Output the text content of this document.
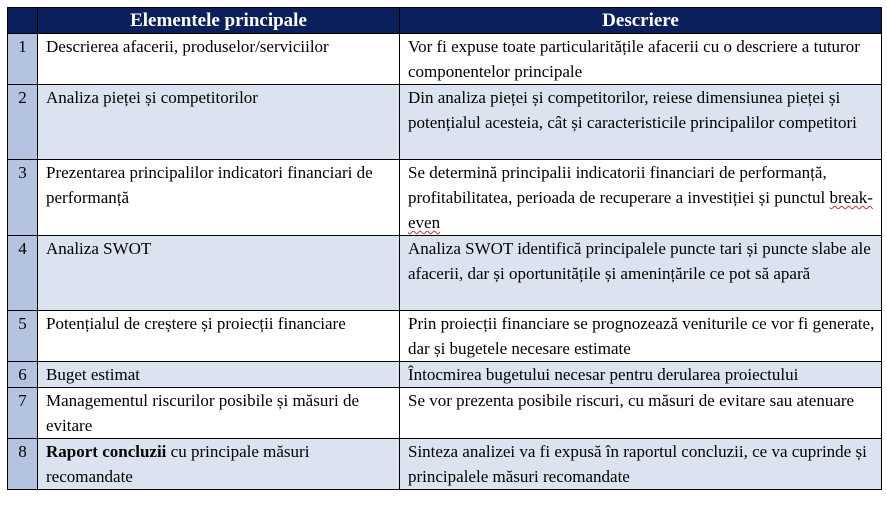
	Elementele principale	Descriere
1	Descrierea afacerii, produselor/serviciilor	Vor fi expuse toate particularitățile afacerii cu o descriere a tuturor componentelor principale
2	Analiza pieței și competitorilor	Din analiza pieței și competitorilor, reiese dimensiunea pieței și potențialul acesteia, cât și caracteristicile principalilor competitori
3	Prezentarea principalilor indicatori financiari de performanță	Se determină principalii indicatorii financiari de performanță, profitabilitatea, perioada de recuperare a investiției și punctul break-even
4	Analiza SWOT	Analiza SWOT identifică principalele puncte tari și puncte slabe ale afacerii, dar și oportunitățile și amenințările ce pot să apară
5	Potențialul de creștere și proiecții financiare	Prin proiecții financiare se prognozează veniturile ce vor fi generate, dar și bugetele necesare estimate
6	Buget estimat	Întocmirea bugetului necesar pentru derularea proiectului
7	Managementul riscurilor posibile și măsuri de evitare	Se vor prezenta posibile riscuri, cu măsuri de evitare sau atenuare
8	Raport concluzii cu principale măsuri recomandate	Sinteza analizei va fi expusă în raportul concluzii, ce va cuprinde și principalele măsuri recomandate
